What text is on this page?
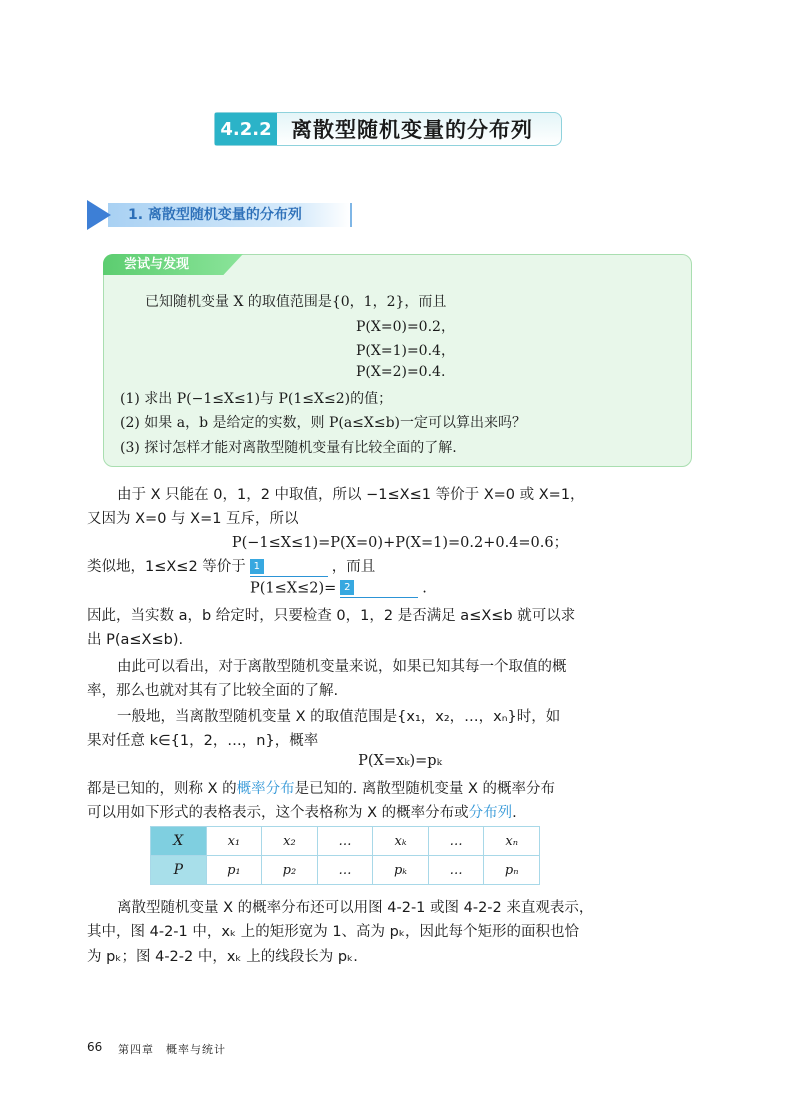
4.2.2 离散型随机变量的分布列
1. 离散型随机变量的分布列
尝试与发现
已知随机变量 X 的取值范围是{0，1，2}，而且
P(X=0)=0.2，
P(X=1)=0.4，
P(X=2)=0.4.
(1) 求出 P(−1≤X≤1)与 P(1≤X≤2)的值；
(2) 如果 a，b 是给定的实数，则 P(a≤X≤b)一定可以算出来吗？
(3) 探讨怎样才能对离散型随机变量有比较全面的了解.
由于 X 只能在 0，1，2 中取值，所以 −1≤X≤1 等价于 X=0 或 X=1，
又因为 X=0 与 X=1 互斥，所以
P(−1≤X≤1)=P(X=0)+P(X=1)=0.2+0.4=0.6；
类似地，1≤X≤2 等价于 1	，而且
P(1≤X≤2)= 2	.
因此，当实数 a，b 给定时，只要检查 0，1，2 是否满足 a≤X≤b 就可以求
出 P(a≤X≤b).
由此可以看出，对于离散型随机变量来说，如果已知其每一个取值的概
率，那么也就对其有了比较全面的了解.
一般地，当离散型随机变量 X 的取值范围是{x₁，x₂，…，xₙ}时，如
果对任意 k∈{1，2，…，n}，概率
P(X=xₖ)=pₖ
都是已知的，则称 X 的概率分布是已知的. 离散型随机变量 X 的概率分布
可以用如下形式的表格表示，这个表格称为 X 的概率分布或分布列.
X	x₁	x₂	…	xₖ	…	xₙ
P	p₁	p₂	…	pₖ	…	pₙ
离散型随机变量 X 的概率分布还可以用图 4-2-1 或图 4-2-2 来直观表示，
其中，图 4-2-1 中，xₖ 上的矩形宽为 1、高为 pₖ，因此每个矩形的面积也恰
为 pₖ；图 4-2-2 中，xₖ 上的线段长为 pₖ.
66 第四章　概率与统计
